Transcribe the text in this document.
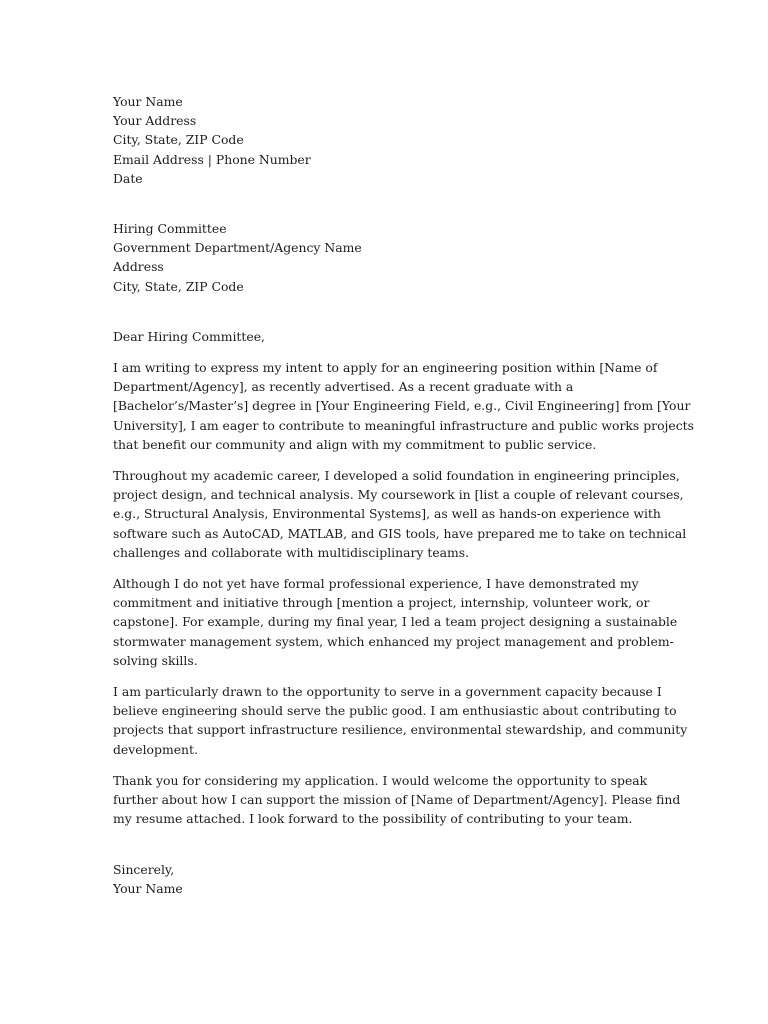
Your Name
Your Address
City, State, ZIP Code
Email Address | Phone Number
Date
Hiring Committee
Government Department/Agency Name
Address
City, State, ZIP Code
Dear Hiring Committee,
I am writing to express my intent to apply for an engineering position within [Name of
Department/Agency], as recently advertised. As a recent graduate with a
[Bachelor’s/Master’s] degree in [Your Engineering Field, e.g., Civil Engineering] from [Your
University], I am eager to contribute to meaningful infrastructure and public works projects
that benefit our community and align with my commitment to public service.
Throughout my academic career, I developed a solid foundation in engineering principles,
project design, and technical analysis. My coursework in [list a couple of relevant courses,
e.g., Structural Analysis, Environmental Systems], as well as hands-on experience with
software such as AutoCAD, MATLAB, and GIS tools, have prepared me to take on technical
challenges and collaborate with multidisciplinary teams.
Although I do not yet have formal professional experience, I have demonstrated my
commitment and initiative through [mention a project, internship, volunteer work, or
capstone]. For example, during my final year, I led a team project designing a sustainable
stormwater management system, which enhanced my project management and problem-
solving skills.
I am particularly drawn to the opportunity to serve in a government capacity because I
believe engineering should serve the public good. I am enthusiastic about contributing to
projects that support infrastructure resilience, environmental stewardship, and community
development.
Thank you for considering my application. I would welcome the opportunity to speak
further about how I can support the mission of [Name of Department/Agency]. Please find
my resume attached. I look forward to the possibility of contributing to your team.
Sincerely,
Your Name
